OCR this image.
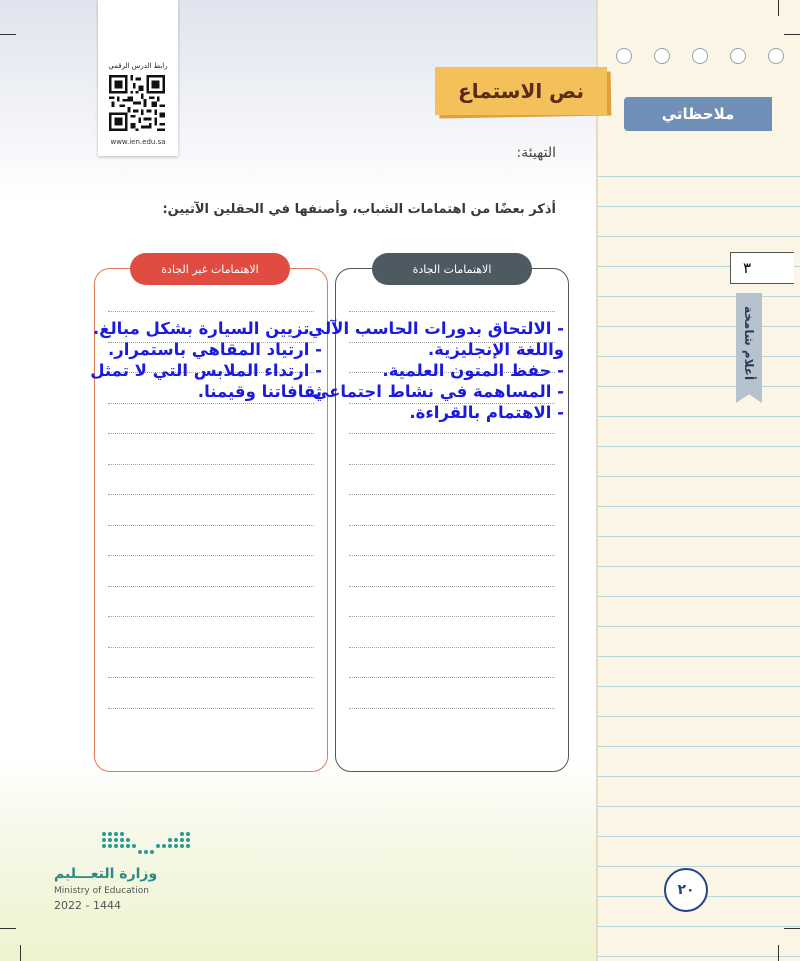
ملاحظاتي
٣
أعلام شامخة
٢٠
رابط الدرس الرقمي
www.ien.edu.sa
نص الاستماع
التهيئة:
أذكر بعضًا من اهتمامات الشباب، وأصنفها في الحقلين الآتيين:
الاهتمامات الجادة
الاهتمامات غير الجادة
- الالتحاق بدورات الحاسب الآلي
واللغة الإنجليزية.
- حفظ المتون العلمية.
- المساهمة في نشاط اجتماعي.
- الاهتمام بالقراءة.
- تزيين السيارة بشكل مبالغ.
- ارتياد المقاهي باستمرار.
- ارتداء الملابس التي لا تمثل
ثقافاتنا وقيمنا.
وزارة التعـــليم
Ministry of Education
2022 - 1444
